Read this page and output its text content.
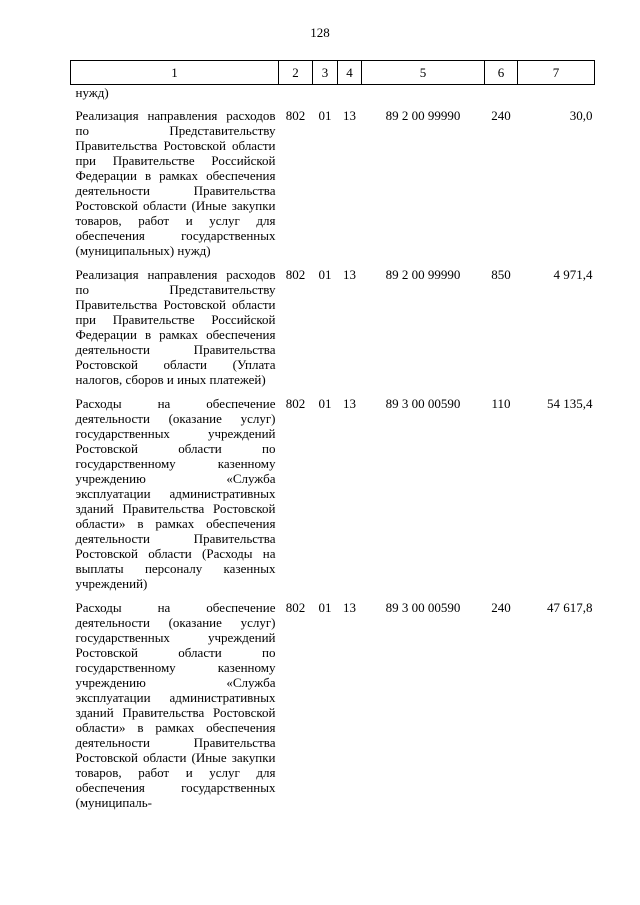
128
1	2	3	4	5	6	7
нужд)						
Реализация направления расходов по Представительству Правительства Ростовской области при Правительстве Российской Федерации в рамках обеспечения деятельности Правительства Ростовской области (Иные закупки товаров, работ и услуг для обеспечения государственных (муниципальных) нужд)	802	01	13	89 2 00 99990	240	30,0
Реализация направления расходов по Представительству Правительства Ростовской области при Правительстве Российской Федерации в рамках обеспечения деятельности Правительства Ростовской области (Уплата налогов, сборов и иных платежей)	802	01	13	89 2 00 99990	850	4 971,4
Расходы на обеспечение деятельности (оказание услуг) государственных учреждений Ростовской области по государственному казенному учреждению «Служба эксплуатации административных зданий Правительства Ростовской области» в рамках обеспечения деятельности Правительства Ростовской области (Расходы на выплаты персоналу казенных учреждений)	802	01	13	89 3 00 00590	110	54 135,4
Расходы на обеспечение деятельности (оказание услуг) государственных учреждений Ростовской области по государственному казенному учреждению «Служба эксплуатации административных зданий Правительства Ростовской области» в рамках обеспечения деятельности Правительства Ростовской области (Иные закупки товаров, работ и услуг для обеспечения государственных (муниципаль-	802	01	13	89 3 00 00590	240	47 617,8
